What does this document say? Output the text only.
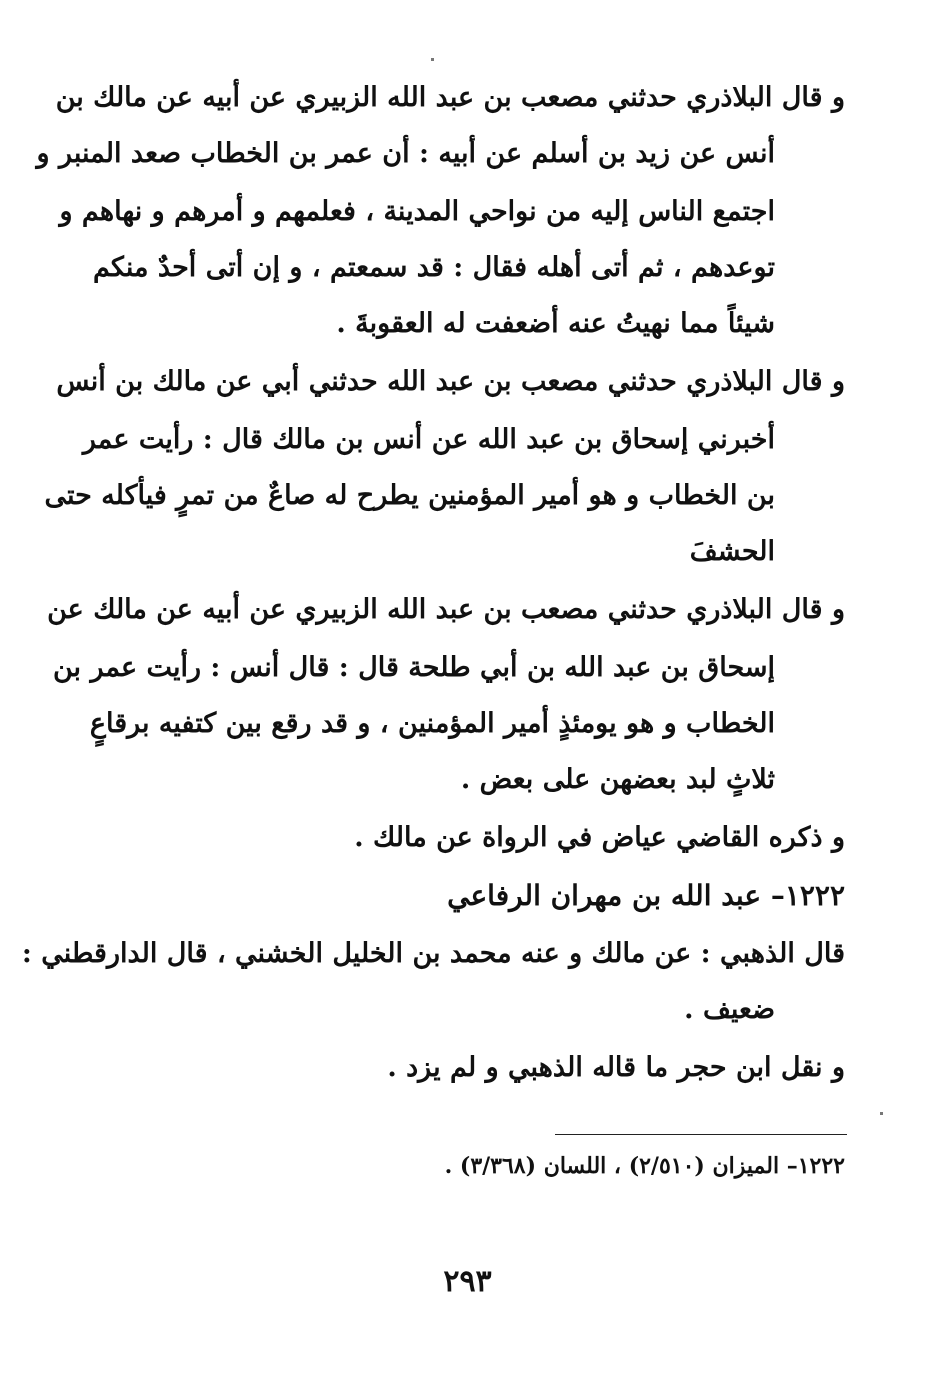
و قال البلاذري حدثني مصعب بن عبد الله الزبيري عن أبيه عن مالك بن
أنس عن زيد بن أسلم عن أبيه : أن عمر بن الخطاب صعد المنبر و
اجتمع الناس إليه من نواحي المدينة ، فعلمهم و أمرهم و نهاهم و
توعدهم ، ثم أتى أهله فقال : قد سمعتم ، و إن أتى أحدٌ منكم
شيئاً مما نهيتُ عنه أضعفت له العقوبةَ .
و قال البلاذري حدثني مصعب بن عبد الله حدثني أبي عن مالك بن أنس
أخبرني إسحاق بن عبد الله عن أنس بن مالك قال : رأيت عمر
بن الخطاب و هو أمير المؤمنين يطرح له صاعٌ من تمرٍ فيأكله حتى
الحشفَ
و قال البلاذري حدثني مصعب بن عبد الله الزبيري عن أبيه عن مالك عن
إسحاق بن عبد الله بن أبي طلحة قال : قال أنس : رأيت عمر بن
الخطاب و هو يومئذٍ أمير المؤمنين ، و قد رقع بين كتفيه برقاعٍ
ثلاثٍ لبد بعضهن على بعض .
و ذكره القاضي عياض في الرواة عن مالك .
١٢٢٢– عبد الله بن مهران الرفاعي
قال الذهبي : عن مالك و عنه محمد بن الخليل الخشني ، قال الدارقطني :
ضعيف .
و نقل ابن حجر ما قاله الذهبي و لم يزد .
١٢٢٢– الميزان (٢/٥١٠) ، اللسان (٣/٣٦٨) .
٢٩٣
